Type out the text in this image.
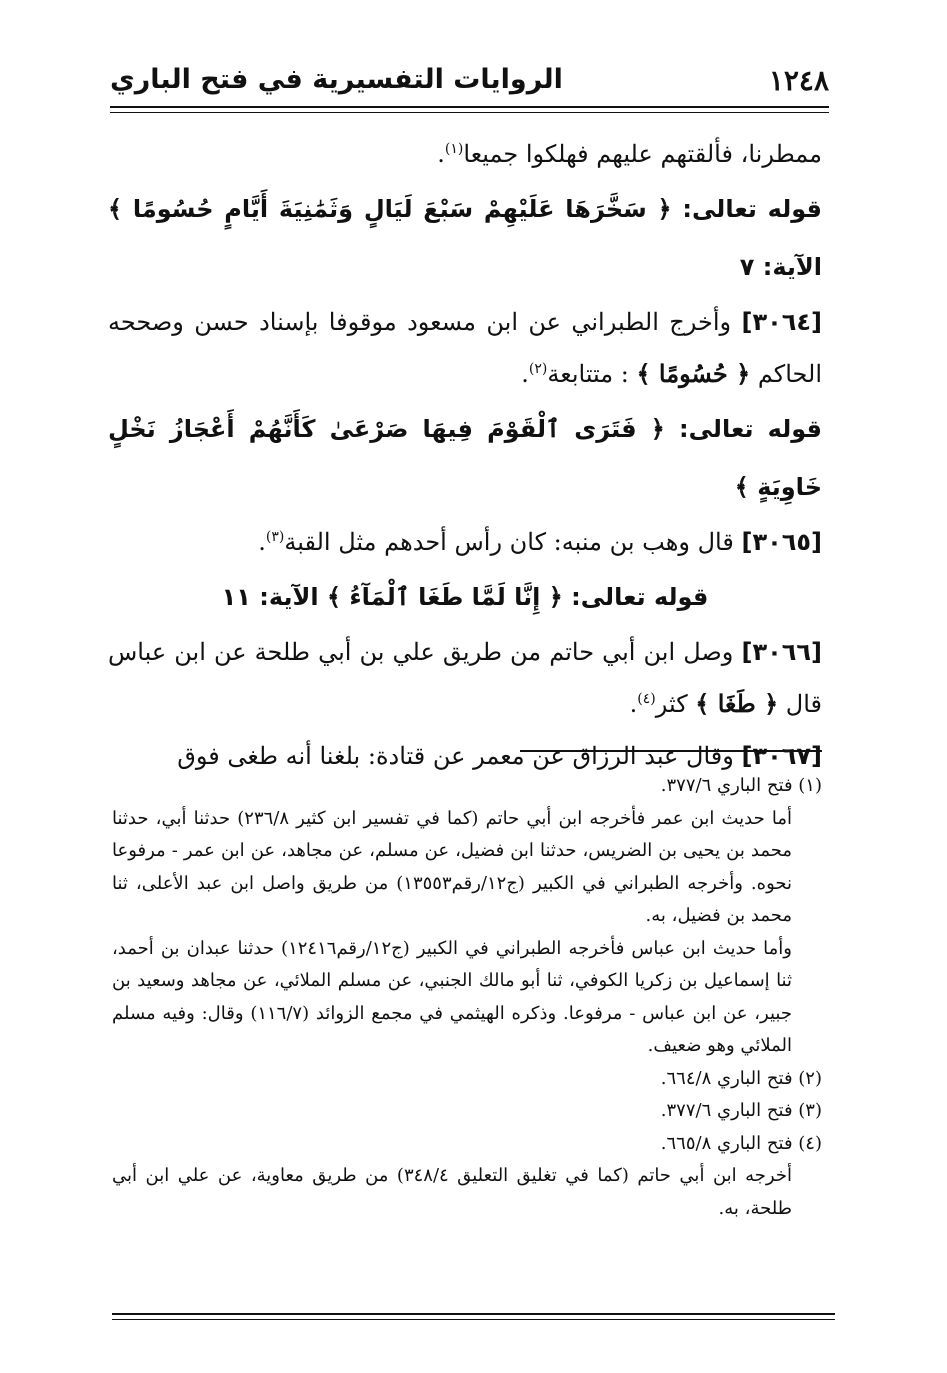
١٢٤٨
الروايات التفسيرية في فتح الباري

ممطرنا، فألقتهم عليهم فهلكوا جميعا$^{(١)}$.

قوله تعالى: ﴿ سَخَّرَهَا عَلَيْهِمْ سَبْعَ لَيَالٍ وَثَمَٰنِيَةَ أَيَّامٍ حُسُومًا ﴾ الآية: ٧

[٣٠٦٤] وأخرج الطبراني عن ابن مسعود موقوفا بإسناد حسن وصححه الحاكم ﴿ حُسُومًا ﴾ : متتابعة$^{(٢)}$.

قوله تعالى: ﴿ فَتَرَى ٱلْقَوْمَ فِيهَا صَرْعَىٰ كَأَنَّهُمْ أَعْجَازُ نَخْلٍ خَاوِيَةٍ ﴾

[٣٠٦٥] قال وهب بن منبه: كان رأس أحدهم مثل القبة$^{(٣)}$.

قوله تعالى: ﴿ إِنَّا لَمَّا طَغَا ٱلْمَآءُ ﴾ الآية: ١١

[٣٠٦٦] وصل ابن أبي حاتم من طريق علي بن أبي طلحة عن ابن عباس قال ﴿ طَغَا ﴾ كثر$^{(٤)}$.

[٣٠٦٧] وقال عبد الرزاق عن معمر عن قتادة: بلغنا أنه طغى فوق

(١) فتح الباري ٣٧٧/٦.

أما حديث ابن عمر فأخرجه ابن أبي حاتم (كما في تفسير ابن كثير ٢٣٦/٨) حدثنا أبي، حدثنا محمد بن يحيى بن الضريس، حدثنا ابن فضيل، عن مسلم، عن مجاهد، عن ابن عمر - مرفوعا نحوه. وأخرجه الطبراني في الكبير (ج١٢/رقم١٣٥٥٣) من طريق واصل ابن عبد الأعلى، ثنا محمد بن فضيل، به.

وأما حديث ابن عباس فأخرجه الطبراني في الكبير (ج١٢/رقم١٢٤١٦) حدثنا عبدان بن أحمد، ثنا إسماعيل بن زكريا الكوفي، ثنا أبو مالك الجنبي، عن مسلم الملائي، عن مجاهد وسعيد بن جبير، عن ابن عباس - مرفوعا. وذكره الهيثمي في مجمع الزوائد (١١٦/٧) وقال: وفيه مسلم الملائي وهو ضعيف.

(٢) فتح الباري ٦٦٤/٨.

(٣) فتح الباري ٣٧٧/٦.

(٤) فتح الباري ٦٦٥/٨.

أخرجه ابن أبي حاتم (كما في تغليق التعليق ٣٤٨/٤) من طريق معاوية، عن علي ابن أبي طلحة، به.
